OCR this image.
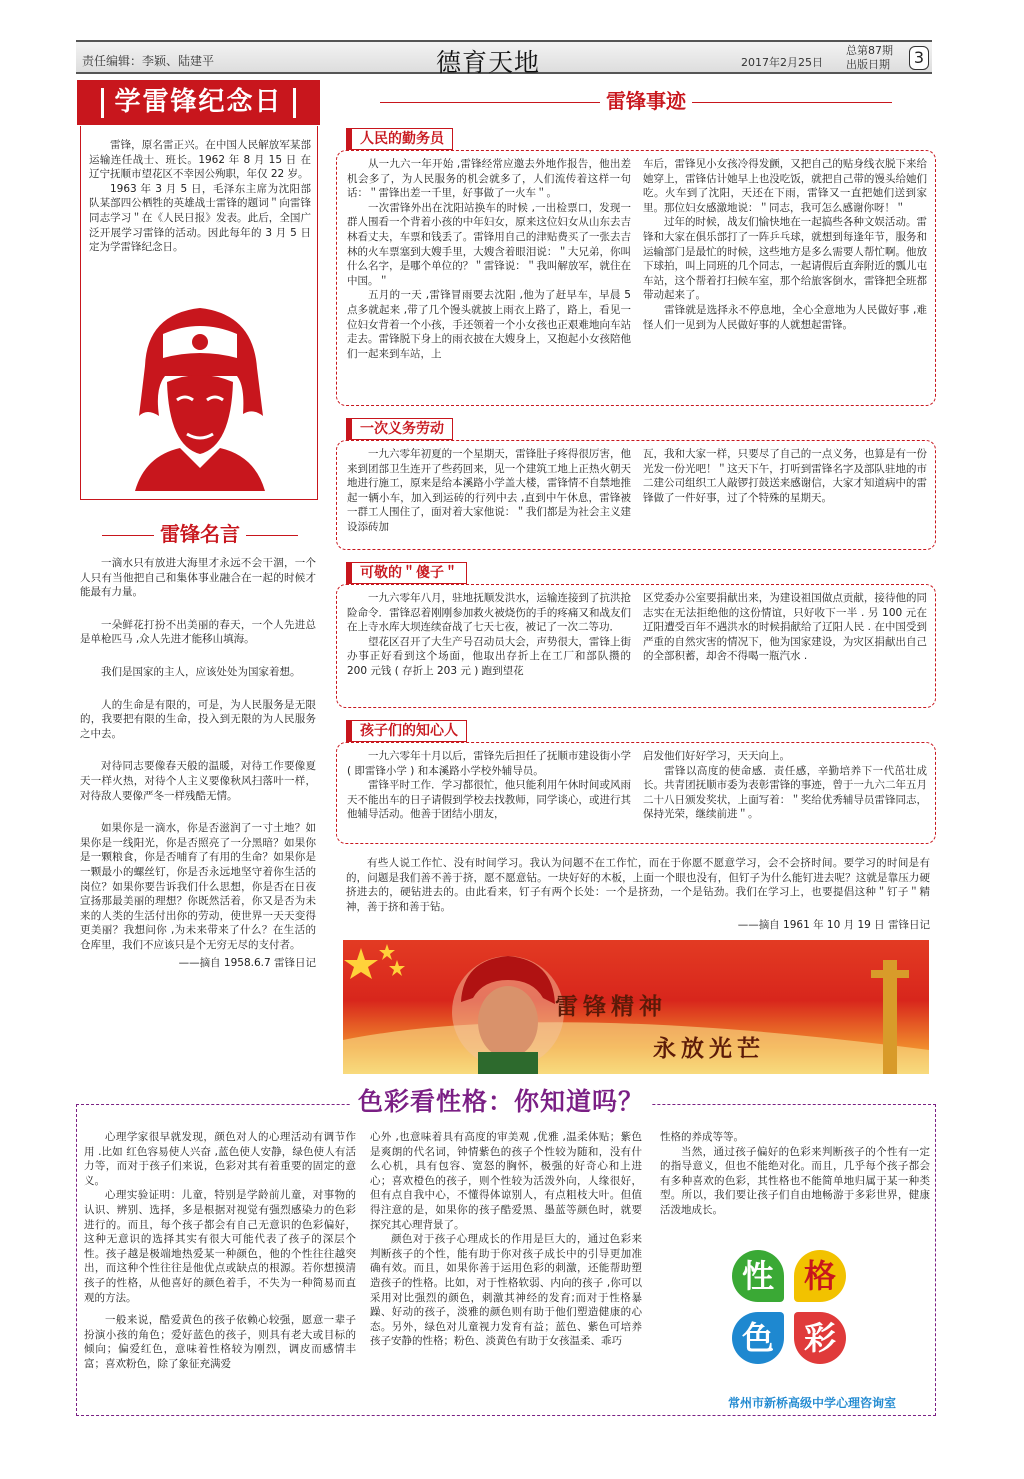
责任编辑：李颖、陆建平	德育天地	2017年2月25日
总第87期
出版日期	3
学雷锋纪念日

雷锋，原名雷正兴。在中国人民解放军某部运输连任战士、班长。1962 年 8 月 15 日 在辽宁抚顺市望花区不幸因公殉职，年仅 22 岁。

1963 年 3 月 5 日，毛泽东主席为沈阳部队某部四公栖牲的英雄战士雷锋的题词＂向雷锋同志学习＂在《人民日报》发表。此后，全国广泛开展学习雷锋的活动。因此每年的 3 月 5 日定为学雷锋纪念日。

雷锋名言

一滴水只有放进大海里才永远不会干涸，一个人只有当他把自己和集体事业融合在一起的时候才能最有力量。

一朵鲜花打扮不出美丽的春天，一个人先进总是单枪匹马 ,众人先进才能移山填海。

我们是国家的主人，应该处处为国家着想。

人的生命是有限的，可是，为人民服务是无限的，我要把有限的生命，投入到无限的为人民服务之中去。

对待同志要像春天般的温暖，对待工作要像夏天一样火热，对待个人主义要像秋风扫落叶一样，对待敌人要像严冬一样残酷无情。

如果你是一滴水，你是否滋润了一寸土地？如果你是一线阳光，你是否照亮了一分黑暗？如果你是一颗粮食，你是否哺育了有用的生命？如果你是一颗最小的螺丝钉，你是否永远地坚守着你生活的岗位？如果你要告诉我们什么思想，你是否在日夜宣扬那最美丽的理想？你既然活着，你又是否为未来的人类的生活付出你的劳动，使世界一天天变得更美丽？我想问你 ,为未来带来了什么？在生活的仓库里，我们不应该只是个无穷无尽的支付者。

——摘自 1958.6.7 雷锋日记

雷锋事迹
人民的勤务员

从一九六一年开始 ,雷锋经常应邀去外地作报告，他出差机会多了，为人民服务的机会就多了，人们流传着这样一句话：＂雷锋出差一千里，好事做了一火车＂。

一次雷锋外出在沈阳站换车的时候 ,一出检票口，发现一群人围看一个背着小孩的中年妇女，原来这位妇女从山东去吉林看丈夫，车票和钱丢了。雷锋用自己的津贴费买了一张去吉林的火车票塞到大嫂手里，大嫂含着眼泪说：＂大兄弟，你叫什么名字，是哪个单位的？＂雷锋说：＂我叫解放军，就住在中国。＂

五月的一天 ,雷锋冒雨要去沈阳 ,他为了赶早车，早晨 5 点多就起来 ,带了几个馒头就披上雨衣上路了，路上，看见一位妇女背着一个小孩，手还领着一个小女孩也正艰难地向车站走去。雷锋脱下身上的雨衣披在大嫂身上，又抱起小女孩陪他们一起来到车站，上

车后，雷锋见小女孩冷得发颤，又把自己的贴身线衣脱下来给她穿上，雷锋估计她早上也没吃饭，就把自己带的馒头给她们吃。火车到了沈阳，天还在下雨，雷锋又一直把她们送到家里。那位妇女感激地说：＂同志，我可怎么感谢你呀！＂

过年的时候，战友们愉快地在一起搞些各种文娱活动。雷锋和大家在俱乐部打了一阵乒乓球，就想到每逢年节，服务和运输部门是最忙的时候，这些地方是多么需要人帮忙啊。他放下球拍，叫上同班的几个同志，一起请假后直奔附近的瓢儿屯车站，这个帮着打扫候车室，那个给旅客倒水，雷锋把全班都带动起来了。

雷锋就是选择永不停息地，全心全意地为人民做好事 ,难怪人们一见到为人民做好事的人就想起雷锋。

一次义务劳动

一九六零年初夏的一个星期天，雷锋肚子疼得很厉害，他来到团部卫生连开了些药回来，见一个建筑工地上正热火朝天地进行施工，原来是给本溪路小学盖大楼，雷锋情不自禁地推起一辆小车，加入到运砖的行列中去 ,直到中午休息，雷锋被一群工人围住了，面对着大家他说：＂我们都是为社会主义建设添砖加

瓦，我和大家一样，只要尽了自己的一点义务，也算是有一份光发一份光吧！＂这天下午，打听到雷锋名字及部队驻地的市二建公司组织工人敲锣打鼓送来感谢信，大家才知道病中的雷锋做了一件好事，过了个特殊的星期天。

可敬的＂傻子＂

一九六零年八月，驻地抚顺发洪水，运输连接到了抗洪抢险命令．雷锋忍着刚刚参加救火被烧伤的手的疼痛又和战友们在上寺水库大坝连续奋战了七天七夜，被记了一次二等功．

望花区召开了大生产号召动员大会，声势很大，雷锋上街办事正好看到这个场面，他取出存折上在工厂和部队攒的 200 元钱 ( 存折上 203 元 ) 跑到望花

区党委办公室要捐献出来，为建设祖国做点贡献，接待他的同志实在无法拒绝他的这份情谊，只好收下一半 . 另 100 元在辽阳遭受百年不遇洪水的时候捐献给了辽阳人民 . 在中国受到严重的自然灾害的情况下，他为国家建设，为灾区捐献出自己的全部积蓄，却舍不得喝一瓶汽水 .

孩子们的知心人

一九六零年十月以后，雷锋先后担任了抚顺市建设街小学 ( 即雷锋小学 ) 和本溪路小学校外辅导员。

雷锋平时工作．学习都很忙，他只能利用午休时间或风雨天不能出车的日子请假到学校去找教师，同学谈心，或进行其他辅导活动。他善于团结小朋友，

启发他们好好学习，天天向上。

雷锋以高度的使命感．责任感，辛勤培养下一代茁壮成长。共青团抚顺市委为表彰雷锋的事迹，曾于一九六二年五月二十八日颁发奖状，上面写着：＂奖给优秀辅导员雷锋同志，保持光荣，继续前进＂。

有些人说工作忙、没有时间学习。我认为问题不在工作忙，而在于你愿不愿意学习，会不会挤时间。要学习的时间是有的，问题是我们善不善于挤，愿不愿意钻。一块好好的木板，上面一个眼也没有，但钉子为什么能钉进去呢？这就是靠压力硬挤进去的，硬钻进去的。由此看来，钉子有两个长处：一个是挤劲，一个是钻劲。我们在学习上，也要提倡这种＂钉子＂精神，善于挤和善于钻。

——摘自 1961 年 10 月 19 日 雷锋日记

雷锋精神
永放光芒
色彩看性格：你知道吗？

心理学家很早就发现，颜色对人的心理活动有调节作用 .比如 红色容易使人兴奋 ,蓝色使人安静，绿色使人有活力等，而对于孩子们来说，色彩对其有着重要的固定的意义。

心理实验证明：儿童，特别是学龄前儿童，对事物的认识、辨别、选择，多是根据对视觉有强烈感染力的色彩进行的。而且，每个孩子都会有自己无意识的色彩偏好，这种无意识的选择其实有很大可能代表了孩子的深层个性。孩子越是极端地热爱某一种颜色，他的个性往往越突出，而这种个性往往是他优点或缺点的根源。若你想摸清孩子的性格，从他喜好的颜色着手，不失为一种简易而直观的方法。

一般来说，酷爱黄色的孩子依赖心较强，愿意一辈子扮演小孩的角色；爱好蓝色的孩子，则具有老大或目标的倾向；偏爱红色，意味着性格较为刚烈，调皮而感情丰富；喜欢粉色，除了象征充满爱

心外 ,也意味着具有高度的审美观 ,优雅 ,温柔体贴；紫色是爽朗的代名词，钟情紫色的孩子个性较为随和，没有什么心机，具有包容、宽怒的胸怀，极强的好奇心和上进心；喜欢橙色的孩子，则个性较为活泼外向，人缘很好，但有点自我中心，不懂得体谅别人，有点粗枝大叶。但值得注意的是，如果你的孩子酷爱黑、墨蓝等颜色时，就要探究其心理背景了。

颜色对于孩子心理成长的作用是巨大的，通过色彩来判断孩子的个性，能有助于你对孩子成长中的引导更加准确有效。而且，如果你善于运用色彩的刺激，还能帮助塑造孩子的性格。比如，对于性格软弱、内向的孩子 ,你可以采用对比强烈的颜色，刺激其神经的发育;而对于性格暴躁、好动的孩子，淡雅的颜色则有助于他们塑造健康的心态。另外，绿色对儿童视力发育有益；蓝色、紫色可培养孩子安静的性格；粉色、淡黄色有助于女孩温柔、乖巧

性格的养成等等。

当然，通过孩子偏好的色彩来判断孩子的个性有一定的指导意义，但也不能绝对化。而且，几乎每个孩子都会有多种喜欢的色彩，其性格也不能简单地归属于某一种类型。所以，我们要让孩子们自由地畅游于多彩世界，健康活泼地成长。

性 格
色 彩
常州市新桥高级中学心理咨询室
